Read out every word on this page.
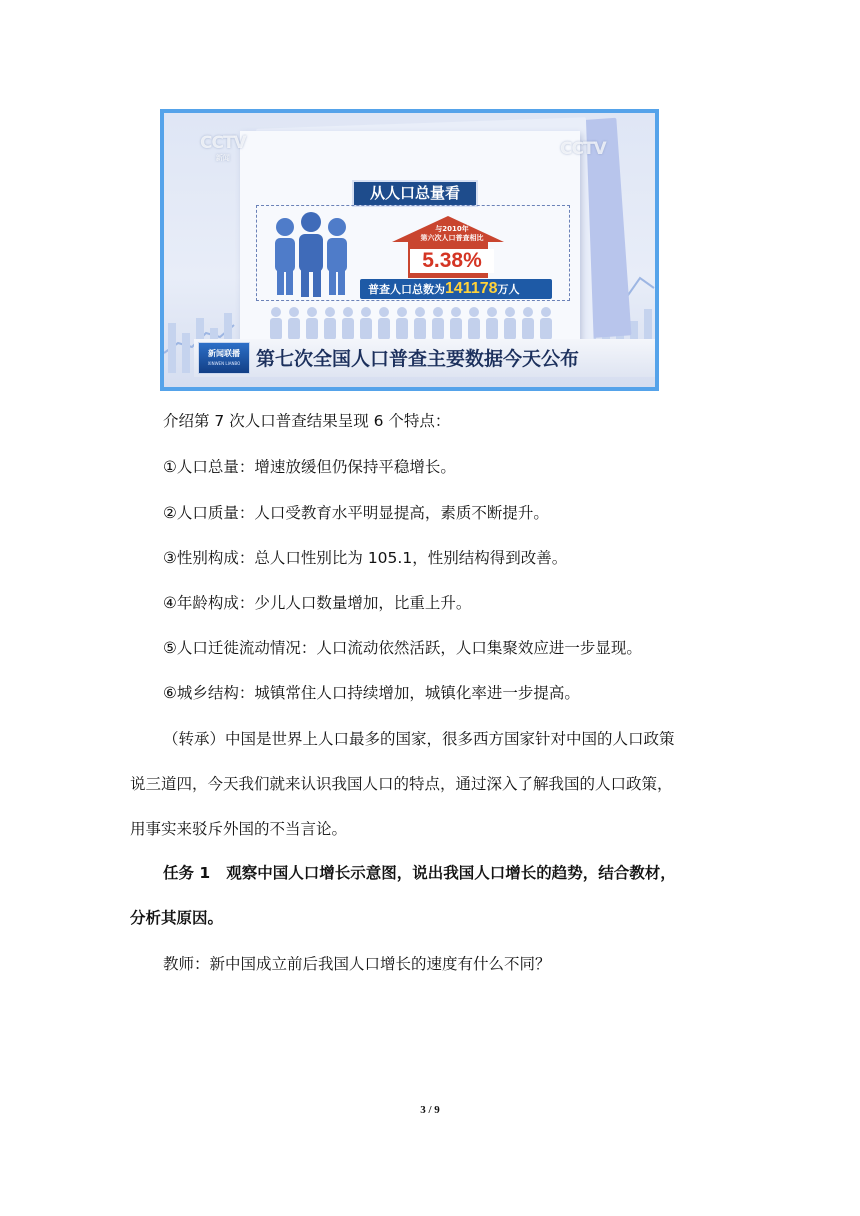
CCTV
新闻	CCTV
从人口总量看
与2010年
第六次人口普查相比
5.38%
普查人口总数为141178万人
新闻联播
XINWEN LIANBO 第七次全国人口普查主要数据今天公布
介绍第 7 次人口普查结果呈现 6 个特点：
①人口总量：增速放缓但仍保持平稳增长。
②人口质量：人口受教育水平明显提高，素质不断提升。
③性别构成：总人口性别比为 105.1，性别结构得到改善。
④年龄构成：少儿人口数量增加，比重上升。
⑤人口迁徙流动情况：人口流动依然活跃，人口集聚效应进一步显现。
⑥城乡结构：城镇常住人口持续增加，城镇化率进一步提高。
（转承）中国是世界上人口最多的国家，很多西方国家针对中国的人口政策
说三道四，今天我们就来认识我国人口的特点，通过深入了解我国的人口政策，
用事实来驳斥外国的不当言论。
任务 1 观察中国人口增长示意图，说出我国人口增长的趋势，结合教材，
分析其原因。
教师：新中国成立前后我国人口增长的速度有什么不同？
3 / 9
